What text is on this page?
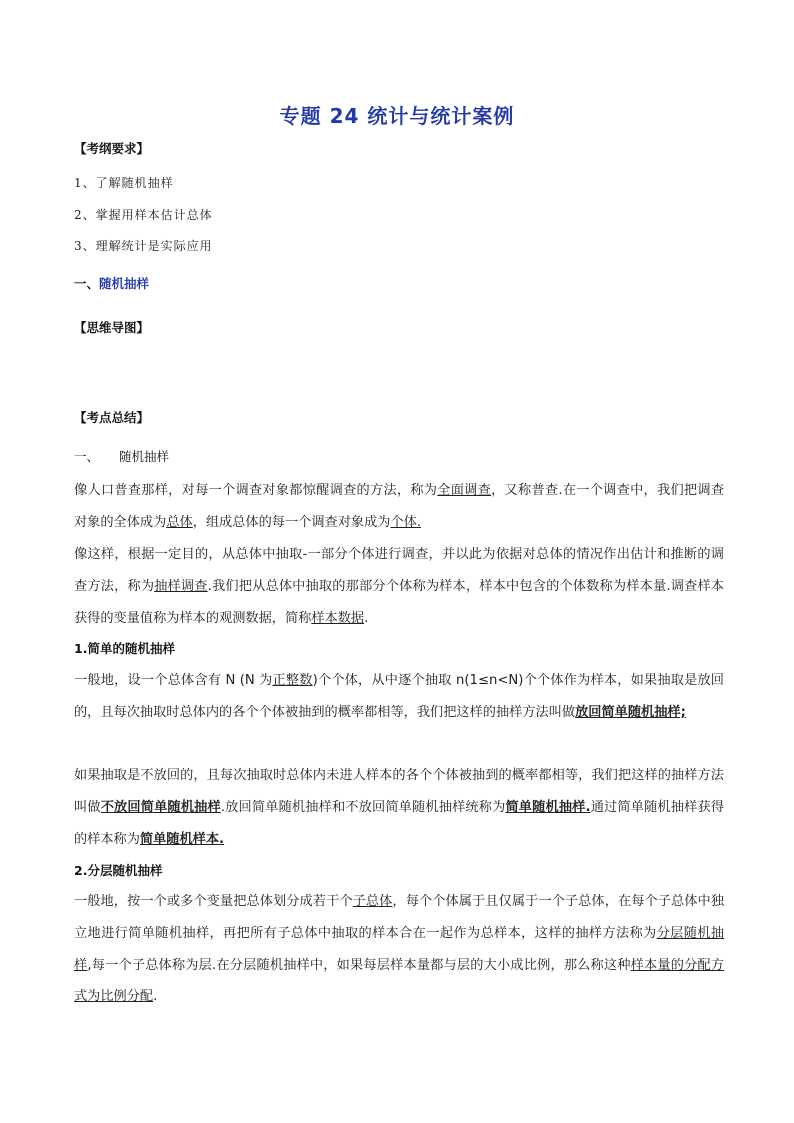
专题 24 统计与统计案例
【考纲要求】
1、了解随机抽样
2、掌握用样本估计总体
3、理解统计是实际应用
一、随机抽样
【思维导图】
【考点总结】
一、 随机抽样
像人口普查那样，对每一个调查对象都惊醒调查的方法，称为全面调查，又称普查.在一个调查中，我们把调查对象的全体成为总体，组成总体的每一个调查对象成为个体.
像这样，根据一定目的，从总体中抽取-一部分个体进行调查，并以此为依据对总体的情况作出估计和推断的调查方法，称为抽样调查.我们把从总体中抽取的那部分个体称为样本，样本中包含的个体数称为样本量.调查样本获得的变量值称为样本的观测数据，简称样本数据.
1.简单的随机抽样
一般地，设一个总体含有 N (N 为正整数)个个体，从中逐个抽取 n(1≤n<N)个个体作为样本，如果抽取是放回的，且每次抽取时总体内的各个个体被抽到的概率都相等，我们把这样的抽样方法叫做放回简单随机抽样;
如果抽取是不放回的，且每次抽取时总体内未进人样本的各个个体被抽到的概率都相等，我们把这样的抽样方法叫做不放回简单随机抽样.放回简单随机抽样和不放回简单随机抽样统称为简单随机抽样.通过简单随机抽样获得的样本称为简单随机样本.
2.分层随机抽样
一般地，按一个或多个变量把总体划分成若干个子总体，每个个体属于且仅属于一个子总体，在每个子总体中独立地进行简单随机抽样，再把所有子总体中抽取的样本合在一起作为总样本，这样的抽样方法称为分层随机抽样,每一个子总体称为层.在分层随机抽样中，如果每层样本量都与层的大小成比例，那么称这种样本量的分配方式为比例分配.
